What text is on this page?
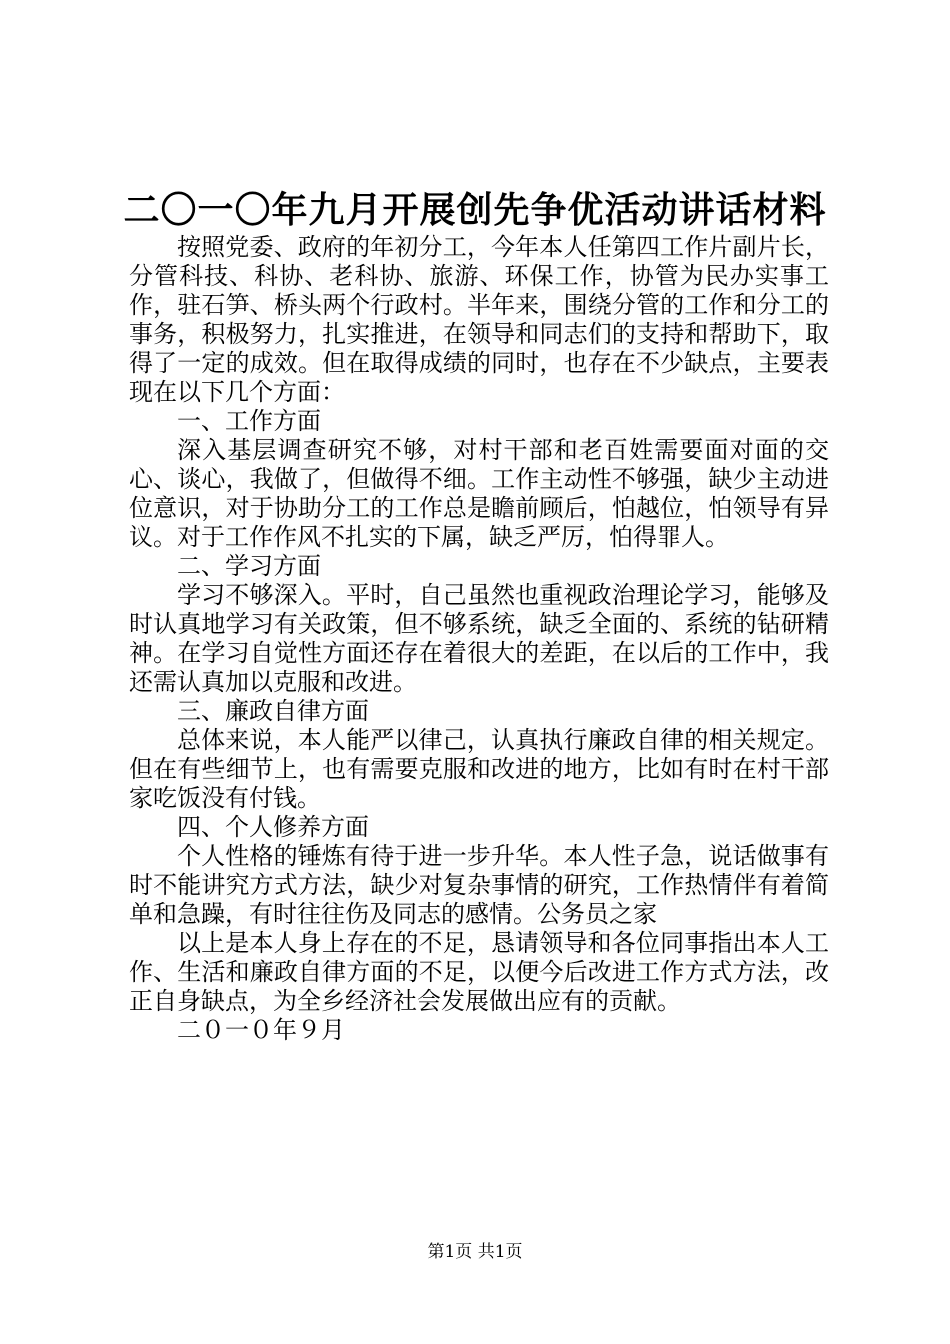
二〇一〇年九月开展创先争优活动讲话材料

按照党委、政府的年初分工，今年本人任第四工作片副片长，分管科技、科协、老科协、旅游、环保工作，协管为民办实事工作，驻石笋、桥头两个行政村。半年来，围绕分管的工作和分工的事务，积极努力，扎实推进，在领导和同志们的支持和帮助下，取得了一定的成效。但在取得成绩的同时，也存在不少缺点，主要表现在以下几个方面：

一、工作方面

深入基层调查研究不够，对村干部和老百姓需要面对面的交心、谈心，我做了，但做得不细。工作主动性不够强，缺少主动进位意识，对于协助分工的工作总是瞻前顾后，怕越位，怕领导有异议。对于工作作风不扎实的下属，缺乏严厉，怕得罪人。

二、学习方面

学习不够深入。平时，自己虽然也重视政治理论学习，能够及时认真地学习有关政策，但不够系统，缺乏全面的、系统的钻研精神。在学习自觉性方面还存在着很大的差距，在以后的工作中，我还需认真加以克服和改进。

三、廉政自律方面

总体来说，本人能严以律己，认真执行廉政自律的相关规定。但在有些细节上，也有需要克服和改进的地方，比如有时在村干部家吃饭没有付钱。

四、个人修养方面

个人性格的锤炼有待于进一步升华。本人性子急，说话做事有时不能讲究方式方法，缺少对复杂事情的研究，工作热情伴有着简单和急躁，有时往往伤及同志的感情。公务员之家

以上是本人身上存在的不足，恳请领导和各位同事指出本人工作、生活和廉政自律方面的不足，以便今后改进工作方式方法，改正自身缺点，为全乡经济社会发展做出应有的贡献。

二０一０年９月

第1页 共1页
